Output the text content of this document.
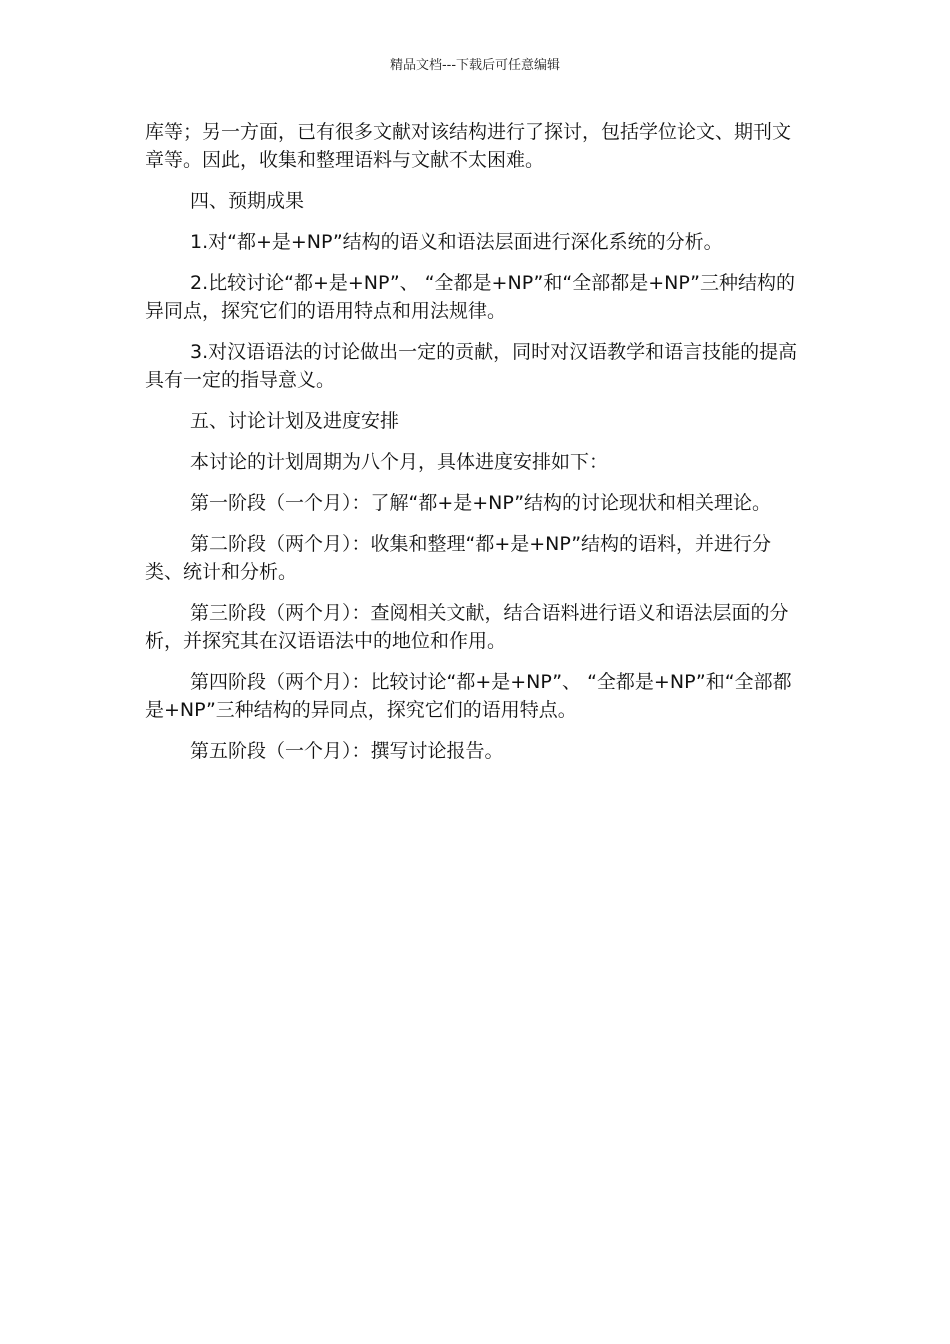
精品文档---下载后可任意编辑

库等；另一方面，已有很多文献对该结构进行了探讨，包括学位论文、期刊文章等。因此，收集和整理语料与文献不太困难。

四、预期成果

1.对“都+是+NP”结构的语义和语法层面进行深化系统的分析。

2.比较讨论“都+是+NP”、 “全都是+NP”和“全部都是+NP”三种结构的异同点，探究它们的语用特点和用法规律。

3.对汉语语法的讨论做出一定的贡献，同时对汉语教学和语言技能的提高具有一定的指导意义。

五、讨论计划及进度安排

本讨论的计划周期为八个月，具体进度安排如下：

第一阶段（一个月）：了解“都+是+NP”结构的讨论现状和相关理论。

第二阶段（两个月）：收集和整理“都+是+NP”结构的语料，并进行分类、统计和分析。

第三阶段（两个月）：查阅相关文献，结合语料进行语义和语法层面的分析，并探究其在汉语语法中的地位和作用。

第四阶段（两个月）：比较讨论“都+是+NP”、 “全都是+NP”和“全部都是+NP”三种结构的异同点，探究它们的语用特点。

第五阶段（一个月）：撰写讨论报告。
